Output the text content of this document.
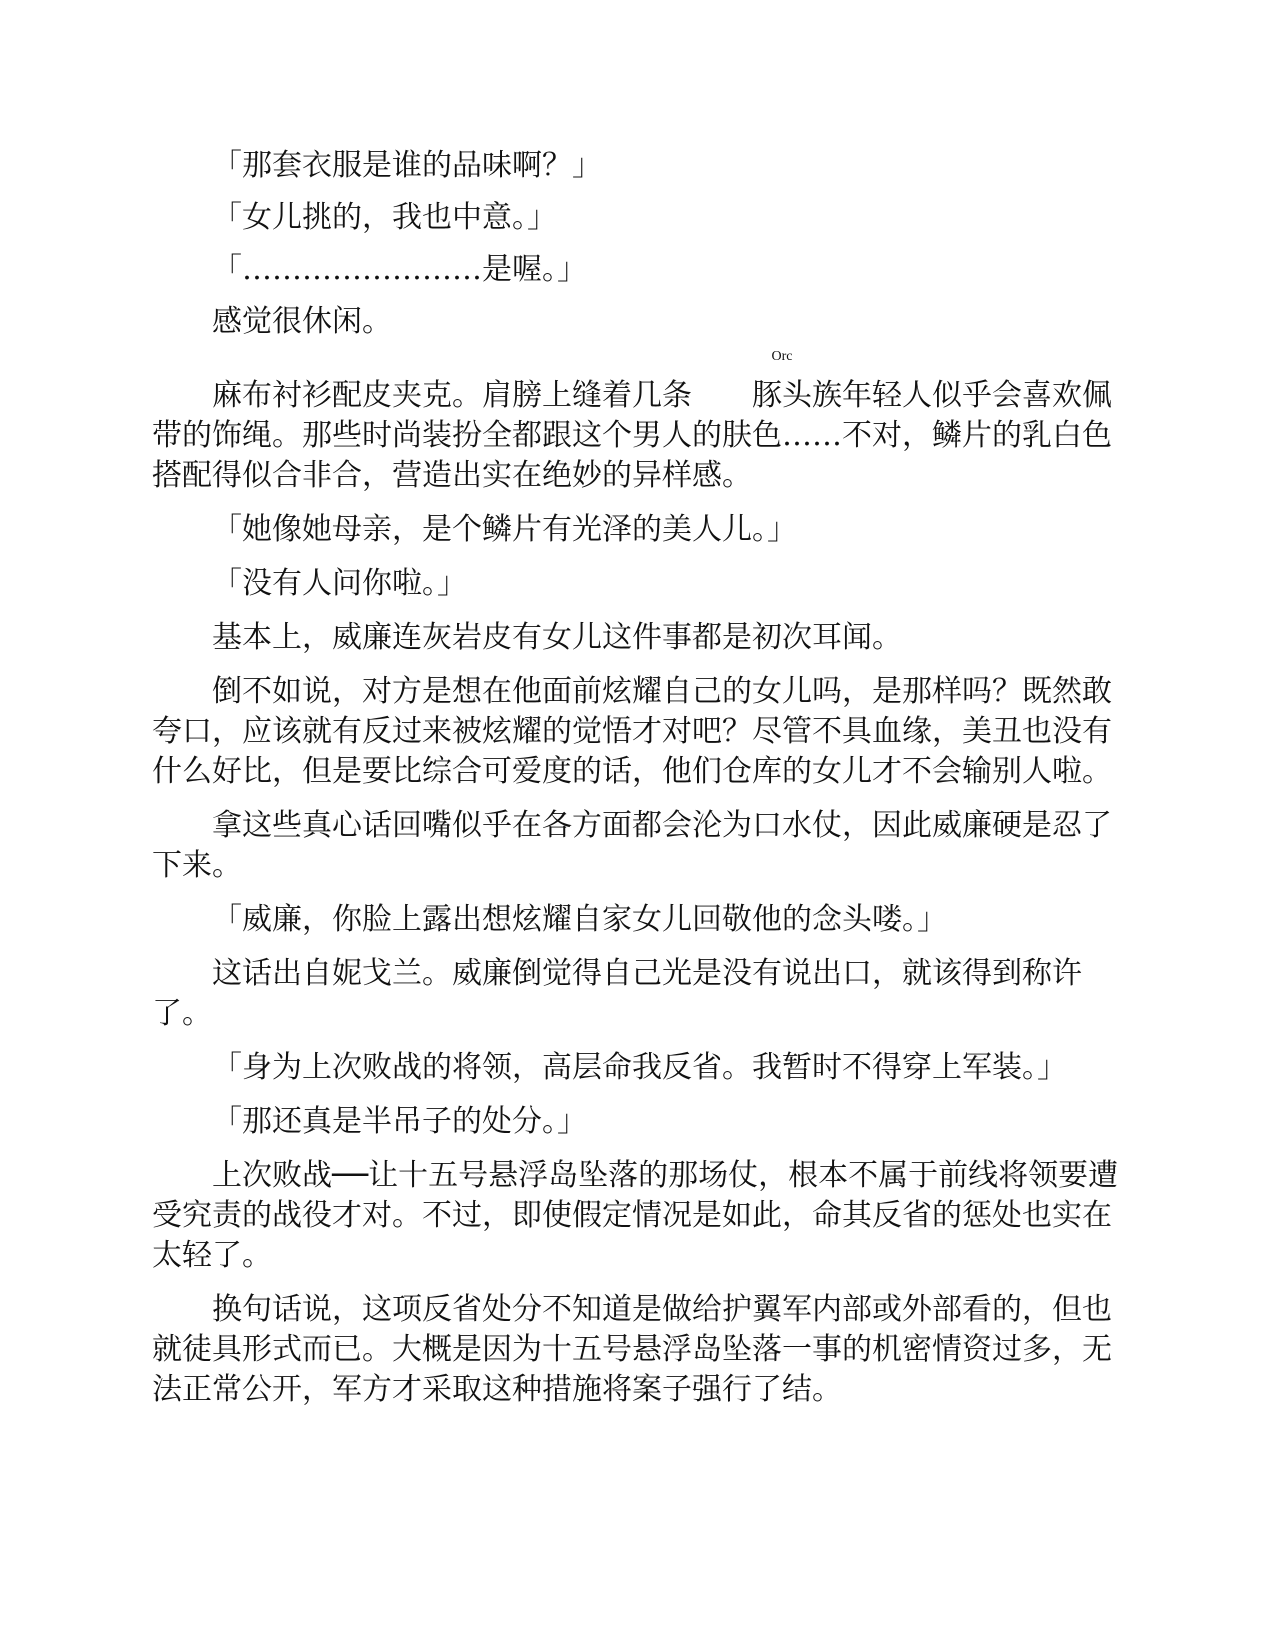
「那套衣服是谁的品味啊？」

「女儿挑的，我也中意。」

「……………………是喔。」

感觉很休闲。

麻布衬衫配皮夹克。肩膀上缝着几条
Orc
豚头族年轻人似乎会喜欢佩带的饰绳。那些时尚装扮全都跟这个男人的肤色……不对，鳞片的乳白色搭配得似合非合，营造出实在绝妙的异样感。

「她像她母亲，是个鳞片有光泽的美人儿。」

「没有人问你啦。」

基本上，威廉连灰岩皮有女儿这件事都是初次耳闻。

倒不如说，对方是想在他面前炫耀自己的女儿吗，是那样吗？既然敢夸口，应该就有反过来被炫耀的觉悟才对吧？尽管不具血缘，美丑也没有什么好比，但是要比综合可爱度的话，他们仓库的女儿才不会输别人啦。

拿这些真心话回嘴似乎在各方面都会沦为口水仗，因此威廉硬是忍了下来。

「威廉，你脸上露出想炫耀自家女儿回敬他的念头喽。」

这话出自妮戈兰。威廉倒觉得自己光是没有说出口，就该得到称许了。

「身为上次败战的将领，高层命我反省。我暂时不得穿上军装。」

「那还真是半吊子的处分。」

上次败战──让十五号悬浮岛坠落的那场仗，根本不属于前线将领要遭受究责的战役才对。不过，即使假定情况是如此，命其反省的惩处也实在太轻了。

换句话说，这项反省处分不知道是做给护翼军内部或外部看的，但也就徒具形式而已。大概是因为十五号悬浮岛坠落一事的机密情资过多，无法正常公开，军方才采取这种措施将案子强行了结。
